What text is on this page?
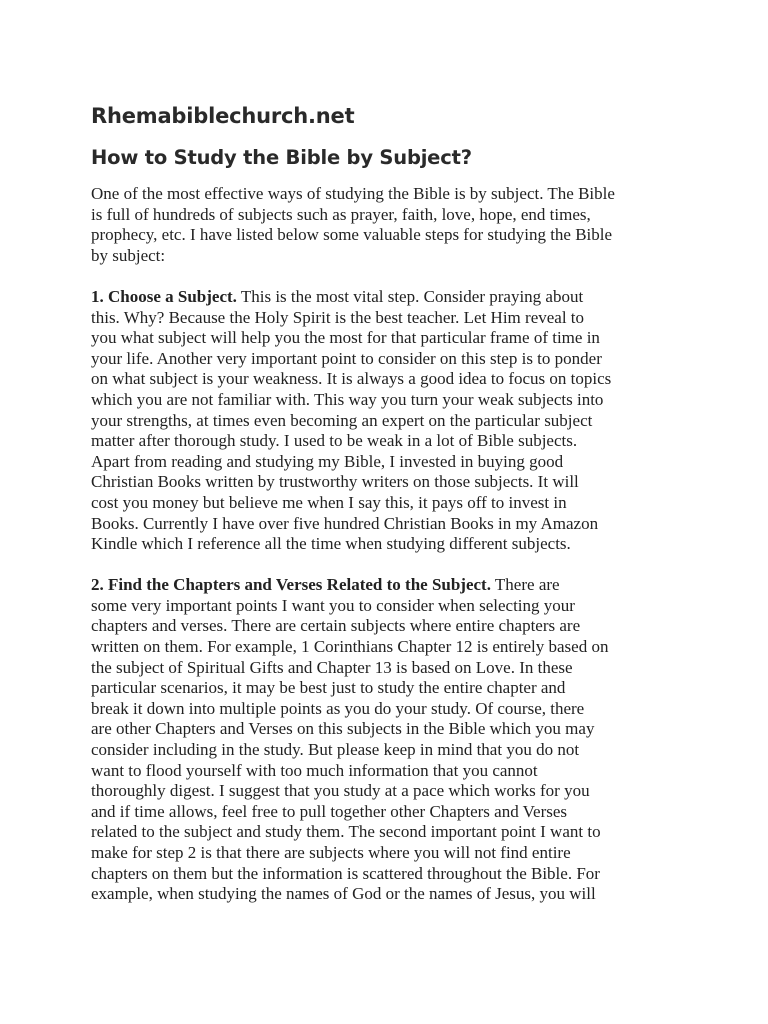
Rhemabiblechurch.net
How to Study the Bible by Subject?
One of the most effective ways of studying the Bible is by subject. The Bible
is full of hundreds of subjects such as prayer, faith, love, hope, end times,
prophecy, etc. I have listed below some valuable steps for studying the Bible
by subject:
1. Choose a Subject. This is the most vital step. Consider praying about
this. Why? Because the Holy Spirit is the best teacher. Let Him reveal to
you what subject will help you the most for that particular frame of time in
your life. Another very important point to consider on this step is to ponder
on what subject is your weakness. It is always a good idea to focus on topics
which you are not familiar with. This way you turn your weak subjects into
your strengths, at times even becoming an expert on the particular subject
matter after thorough study. I used to be weak in a lot of Bible subjects.
Apart from reading and studying my Bible, I invested in buying good
Christian Books written by trustworthy writers on those subjects. It will
cost you money but believe me when I say this, it pays off to invest in
Books. Currently I have over five hundred Christian Books in my Amazon
Kindle which I reference all the time when studying different subjects.
2. Find the Chapters and Verses Related to the Subject. There are
some very important points I want you to consider when selecting your
chapters and verses. There are certain subjects where entire chapters are
written on them. For example, 1 Corinthians Chapter 12 is entirely based on
the subject of Spiritual Gifts and Chapter 13 is based on Love. In these
particular scenarios, it may be best just to study the entire chapter and
break it down into multiple points as you do your study. Of course, there
are other Chapters and Verses on this subjects in the Bible which you may
consider including in the study. But please keep in mind that you do not
want to flood yourself with too much information that you cannot
thoroughly digest. I suggest that you study at a pace which works for you
and if time allows, feel free to pull together other Chapters and Verses
related to the subject and study them. The second important point I want to
make for step 2 is that there are subjects where you will not find entire
chapters on them but the information is scattered throughout the Bible. For
example, when studying the names of God or the names of Jesus, you will
